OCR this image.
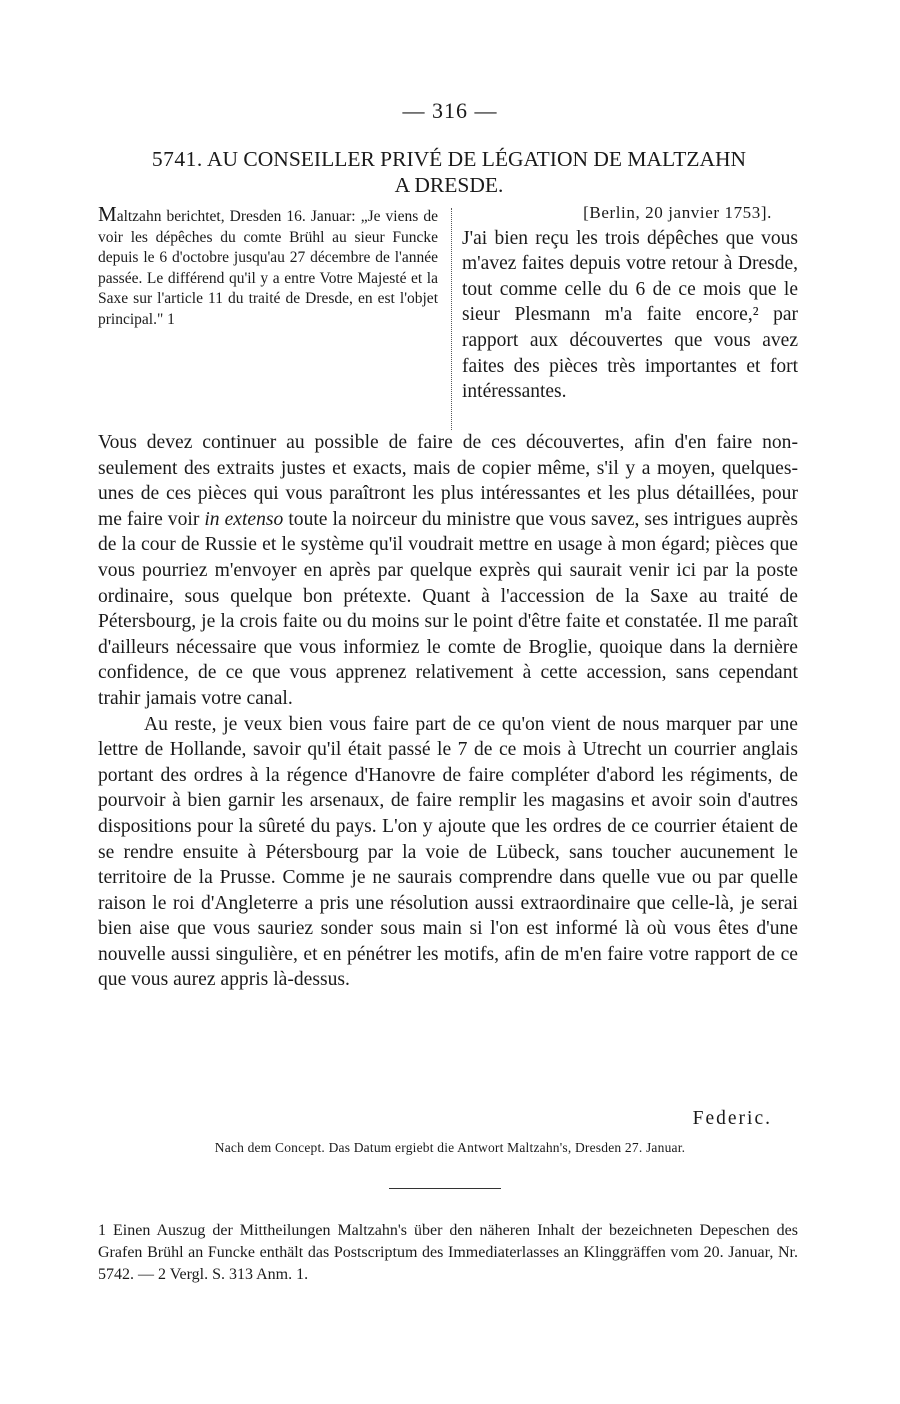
— 316 —
5741. AU CONSEILLER PRIVÉ DE LÉGATION DE MALTZAHN
A DRESDE.
Maltzahn berichtet, Dresden 16. Januar: „Je viens de voir les dépêches du comte Brühl au sieur Funcke depuis le 6 d'octobre jusqu'au 27 décembre de l'année passée. Le différend qu'il y a entre Votre Majesté et la Saxe sur l'article 11 du traité de Dresde, en est l'objet principal." 1
[Berlin, 20 janvier 1753].
J'ai bien reçu les trois dépêches que vous m'avez faites depuis votre retour à Dresde, tout comme celle du 6 de ce mois que le sieur Plesmann m'a faite encore,² par rapport aux découvertes que vous avez faites des pièces très importantes et fort intéressantes.

Vous devez continuer au possible de faire de ces découvertes, afin d'en faire non-seulement des extraits justes et exacts, mais de copier même, s'il y a moyen, quelques-unes de ces pièces qui vous paraîtront les plus intéressantes et les plus détaillées, pour me faire voir in extenso toute la noirceur du ministre que vous savez, ses intrigues auprès de la cour de Russie et le système qu'il voudrait mettre en usage à mon égard; pièces que vous pourriez m'envoyer en après par quelque exprès qui saurait venir ici par la poste ordinaire, sous quelque bon prétexte. Quant à l'accession de la Saxe au traité de Pétersbourg, je la crois faite ou du moins sur le point d'être faite et constatée. Il me paraît d'ailleurs nécessaire que vous informiez le comte de Broglie, quoique dans la dernière confidence, de ce que vous apprenez relativement à cette accession, sans cependant trahir jamais votre canal.

Au reste, je veux bien vous faire part de ce qu'on vient de nous marquer par une lettre de Hollande, savoir qu'il était passé le 7 de ce mois à Utrecht un courrier anglais portant des ordres à la régence d'Hanovre de faire compléter d'abord les régiments, de pourvoir à bien garnir les arsenaux, de faire remplir les magasins et avoir soin d'autres dispositions pour la sûreté du pays. L'on y ajoute que les ordres de ce courrier étaient de se rendre ensuite à Pétersbourg par la voie de Lübeck, sans toucher aucunement le territoire de la Prusse. Comme je ne saurais comprendre dans quelle vue ou par quelle raison le roi d'Angleterre a pris une résolution aussi extraordinaire que celle-là, je serai bien aise que vous sauriez sonder sous main si l'on est informé là où vous êtes d'une nouvelle aussi singulière, et en pénétrer les motifs, afin de m'en faire votre rapport de ce que vous aurez appris là-dessus.

Federic.
Nach dem Concept. Das Datum ergiebt die Antwort Maltzahn's, Dresden 27. Januar.
1 Einen Auszug der Mittheilungen Maltzahn's über den näheren Inhalt der bezeichneten Depeschen des Grafen Brühl an Funcke enthält das Postscriptum des Immediaterlasses an Klinggräffen vom 20. Januar, Nr. 5742. — 2 Vergl. S. 313 Anm. 1.
